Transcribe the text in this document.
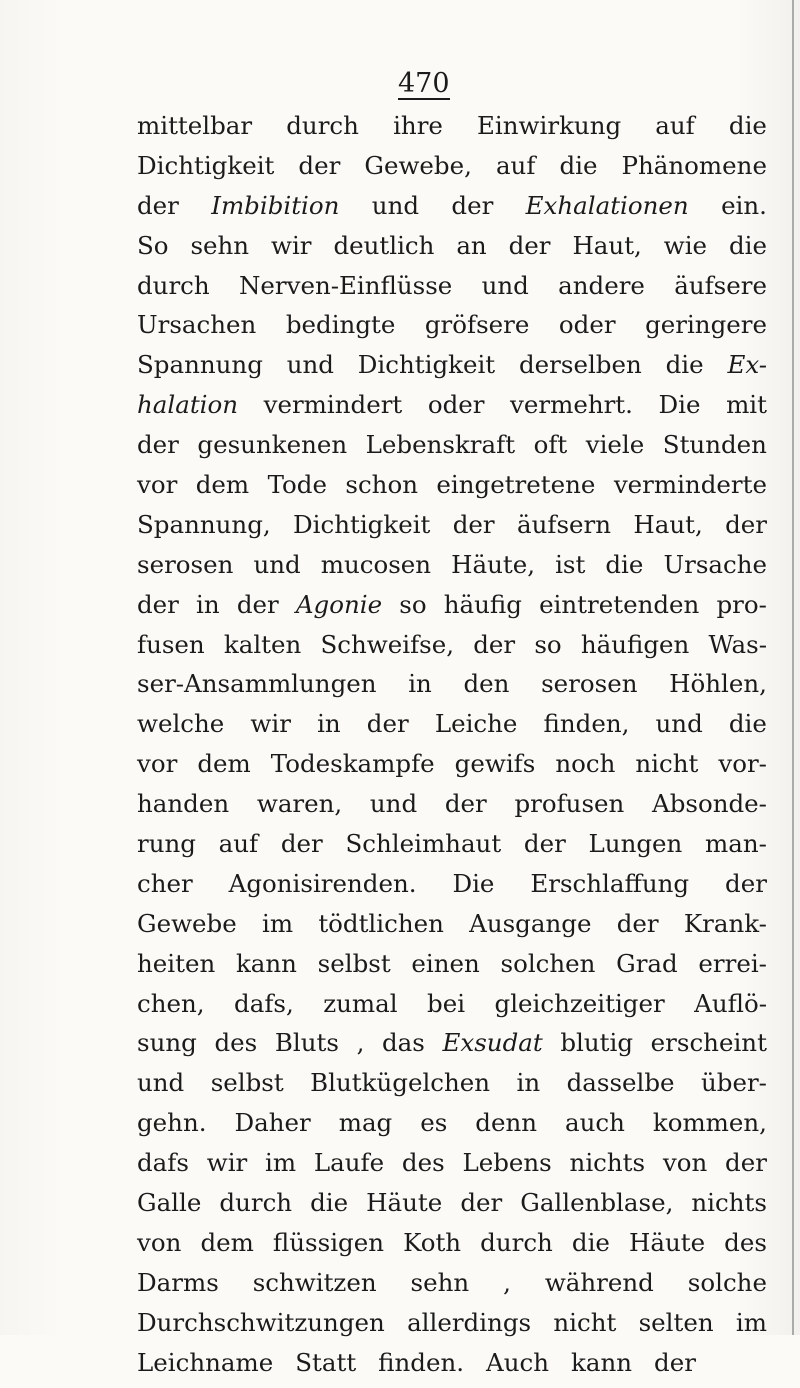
470
mittelbar durch ihre Einwirkung auf die
Dichtigkeit der Gewebe, auf die Phänomene
der Imbibition und der Exhalationen ein.
So sehn wir deutlich an der Haut, wie die
durch Nerven-Einflüsse und andere äufsere
Ursachen bedingte gröfsere oder geringere
Spannung und Dichtigkeit derselben die Ex-
halation vermindert oder vermehrt. Die mit
der gesunkenen Lebenskraft oft viele Stunden
vor dem Tode schon eingetretene verminderte
Spannung, Dichtigkeit der äufsern Haut, der
serosen und mucosen Häute, ist die Ursache
der in der Agonie so häufig eintretenden pro-
fusen kalten Schweifse, der so häufigen Was-
ser-Ansammlungen in den serosen Höhlen,
welche wir in der Leiche finden, und die
vor dem Todeskampfe gewifs noch nicht vor-
handen waren, und der profusen Absonde-
rung auf der Schleimhaut der Lungen man-
cher Agonisirenden. Die Erschlaffung der
Gewebe im tödtlichen Ausgange der Krank-
heiten kann selbst einen solchen Grad errei-
chen, dafs, zumal bei gleichzeitiger Auflö-
sung des Bluts , das Exsudat blutig erscheint
und selbst Blutkügelchen in dasselbe über-
gehn. Daher mag es denn auch kommen,
dafs wir im Laufe des Lebens nichts von der
Galle durch die Häute der Gallenblase, nichts
von dem flüssigen Koth durch die Häute des
Darms schwitzen sehn , während solche
Durchschwitzungen allerdings nicht selten im
Leichname Statt finden. Auch kann der
